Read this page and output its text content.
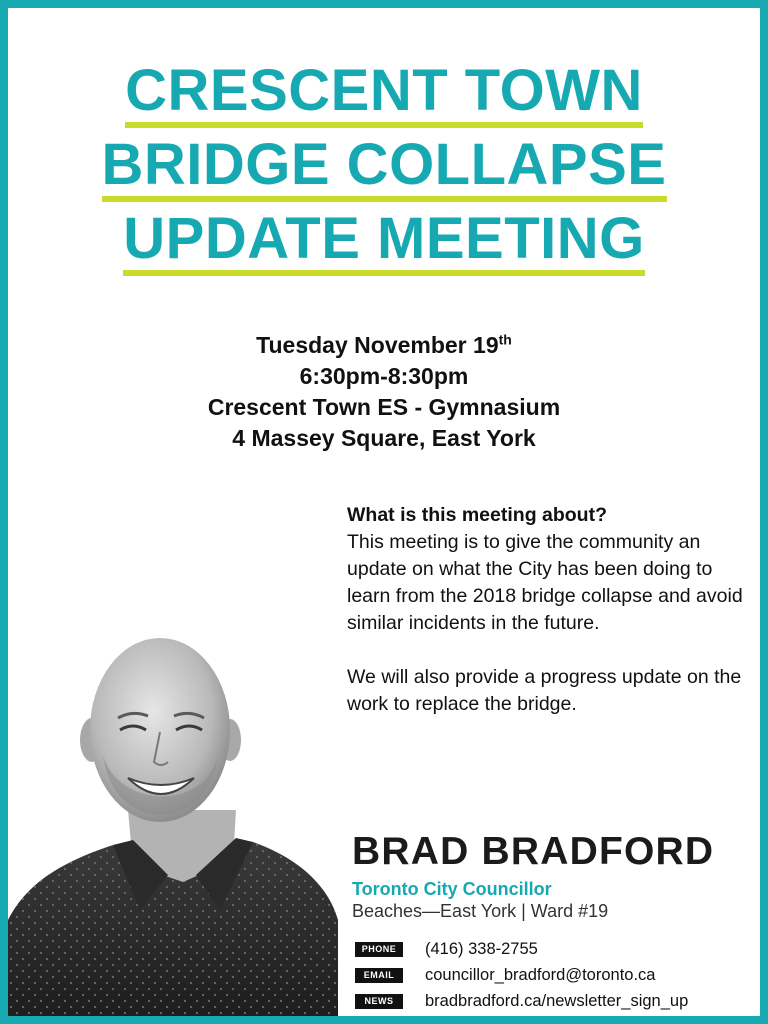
CRESCENT TOWN
BRIDGE COLLAPSE
UPDATE MEETING
Tuesday November 19th
6:30pm-8:30pm
Crescent Town ES - Gymnasium
4 Massey Square, East York
What is this meeting about?

This meeting is to give the community an update on what the City has been doing to learn from the 2018 bridge collapse and avoid similar incidents in the future.

We will also provide a progress update on the work to replace the bridge.

BRAD BRADFORD
Toronto City Councillor
Beaches—East York | Ward #19
PHONE	(416) 338-2755
EMAIL	councillor_bradford@toronto.ca
NEWS	bradbradford.ca/newsletter_sign_up
